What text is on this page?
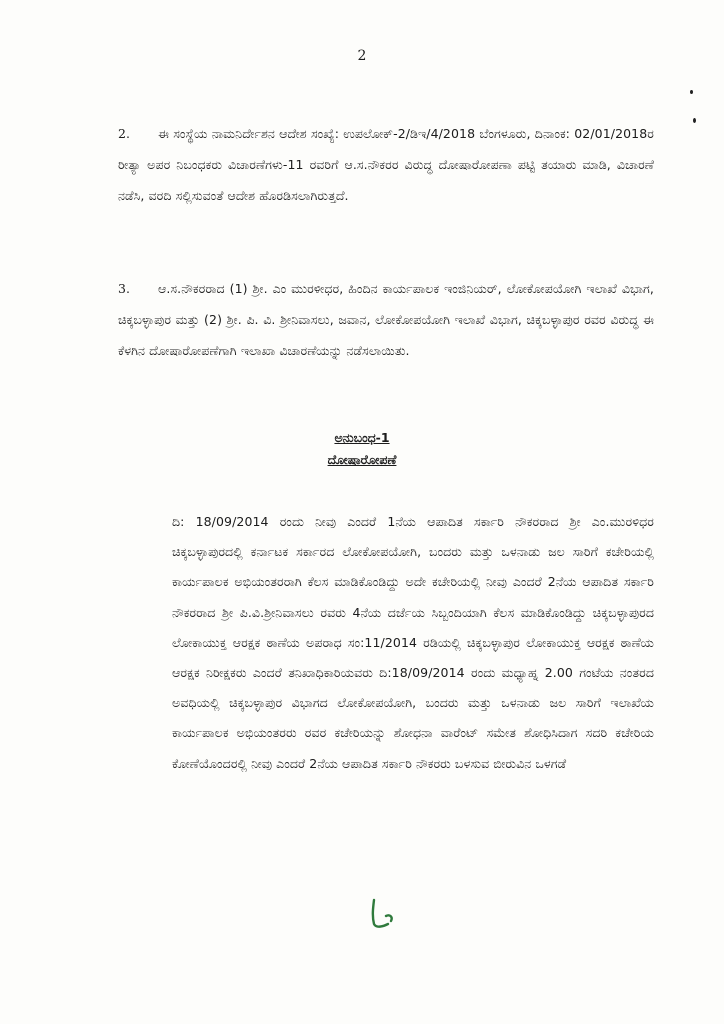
2
2. ಈ ಸಂಸ್ಥೆಯ ನಾಮನಿರ್ದೇಶನ ಆದೇಶ ಸಂಖ್ಯೆ: ಉಪಲೋಕ್-2/ಡಿಇ/4/2018 ಬೆಂಗಳೂರು, ದಿನಾಂಕ: 02/01/2018ರ ರೀತ್ಯಾ ಅಪರ ನಿಬಂಧಕರು ವಿಚಾರಣೆಗಳು-11 ರವರಿಗೆ ಆ.ಸ.ನೌಕರರ ವಿರುದ್ಧ ದೋಷಾರೋಪಣಾ ಪಟ್ಟಿ ತಯಾರು ಮಾಡಿ, ವಿಚಾರಣೆ ನಡೆಸಿ, ವರದಿ ಸಲ್ಲಿಸುವಂತೆ ಆದೇಶ ಹೊರಡಿಸಲಾಗಿರುತ್ತದೆ.
3. ಆ.ಸ.ನೌಕರರಾದ (1) ಶ್ರೀ. ಎಂ ಮುರಳೀಧರ, ಹಿಂದಿನ ಕಾರ್ಯಪಾಲಕ ಇಂಜಿನಿಯರ್, ಲೋಕೋಪಯೋಗಿ ಇಲಾಖೆ ವಿಭಾಗ, ಚಿಕ್ಕಬಳ್ಳಾಪುರ ಮತ್ತು (2) ಶ್ರೀ. ಪಿ. ವಿ. ಶ್ರೀನಿವಾಸಲು, ಜವಾನ, ಲೋಕೋಪಯೋಗಿ ಇಲಾಖೆ ವಿಭಾಗ, ಚಿಕ್ಕಬಳ್ಳಾಪುರ ರವರ ವಿರುದ್ಧ ಈ ಕೆಳಗಿನ ದೋಷಾರೋಪಣೆಗಾಗಿ ಇಲಾಖಾ ವಿಚಾರಣೆಯನ್ನು ನಡೆಸಲಾಯಿತು.
ಅನುಬಂಧ-1
ದೋಷಾರೋಪಣೆ
ದಿ: 18/09/2014 ರಂದು ನೀವು ಎಂದರೆ 1ನೆಯ ಆಪಾದಿತ ಸರ್ಕಾರಿ ನೌಕರರಾದ ಶ್ರೀ ಎಂ.ಮುರಳಿಧರ ಚಿಕ್ಕಬಳ್ಳಾಪುರದಲ್ಲಿ ಕರ್ನಾಟಕ ಸರ್ಕಾರದ ಲೋಕೋಪಯೋಗಿ, ಬಂದರು ಮತ್ತು ಒಳನಾಡು ಜಲ ಸಾರಿಗೆ ಕಚೇರಿಯಲ್ಲಿ ಕಾರ್ಯಪಾಲಕ ಅಭಿಯಂತರರಾಗಿ ಕೆಲಸ ಮಾಡಿಕೊಂಡಿದ್ದು ಅದೇ ಕಚೇರಿಯಲ್ಲಿ ನೀವು ಎಂದರೆ 2ನೆಯ ಆಪಾದಿತ ಸರ್ಕಾರಿ ನೌಕರರಾದ ಶ್ರೀ ಪಿ.ವಿ.ಶ್ರೀನಿವಾಸಲು ರವರು 4ನೆಯ ದರ್ಜೆಯ ಸಿಬ್ಬಂದಿಯಾಗಿ ಕೆಲಸ ಮಾಡಿಕೊಂಡಿದ್ದು ಚಿಕ್ಕಬಳ್ಳಾಪುರದ ಲೋಕಾಯುಕ್ತ ಆರಕ್ಷಕ ಠಾಣೆಯ ಅಪರಾಧ ಸಂ:11/2014 ರಡಿಯಲ್ಲಿ ಚಿಕ್ಕಬಳ್ಳಾಪುರ ಲೋಕಾಯುಕ್ತ ಆರಕ್ಷಕ ಠಾಣೆಯ ಆರಕ್ಷಕ ನಿರೀಕ್ಷಕರು ಎಂದರೆ ತನಿಖಾಧಿಕಾರಿಯವರು ದಿ:18/09/2014 ರಂದು ಮಧ್ಯಾಹ್ನ 2.00 ಗಂಟೆಯ ನಂತರದ ಅವಧಿಯಲ್ಲಿ ಚಿಕ್ಕಬಳ್ಳಾಪುರ ವಿಭಾಗದ ಲೋಕೋಪಯೋಗಿ, ಬಂದರು ಮತ್ತು ಒಳನಾಡು ಜಲ ಸಾರಿಗೆ ಇಲಾಖೆಯ ಕಾರ್ಯಪಾಲಕ ಅಭಿಯಂತರರು ರವರ ಕಚೇರಿಯನ್ನು ಶೋಧನಾ ವಾರೆಂಟ್ ಸಮೇತ ಶೋಧಿಸಿದಾಗ ಸದರಿ ಕಚೇರಿಯ ಕೋಣೆಯೊಂದರಲ್ಲಿ ನೀವು ಎಂದರೆ 2ನೆಯ ಆಪಾದಿತ ಸರ್ಕಾರಿ ನೌಕರರು ಬಳಸುವ ಬೀರುವಿನ ಒಳಗಡೆ
